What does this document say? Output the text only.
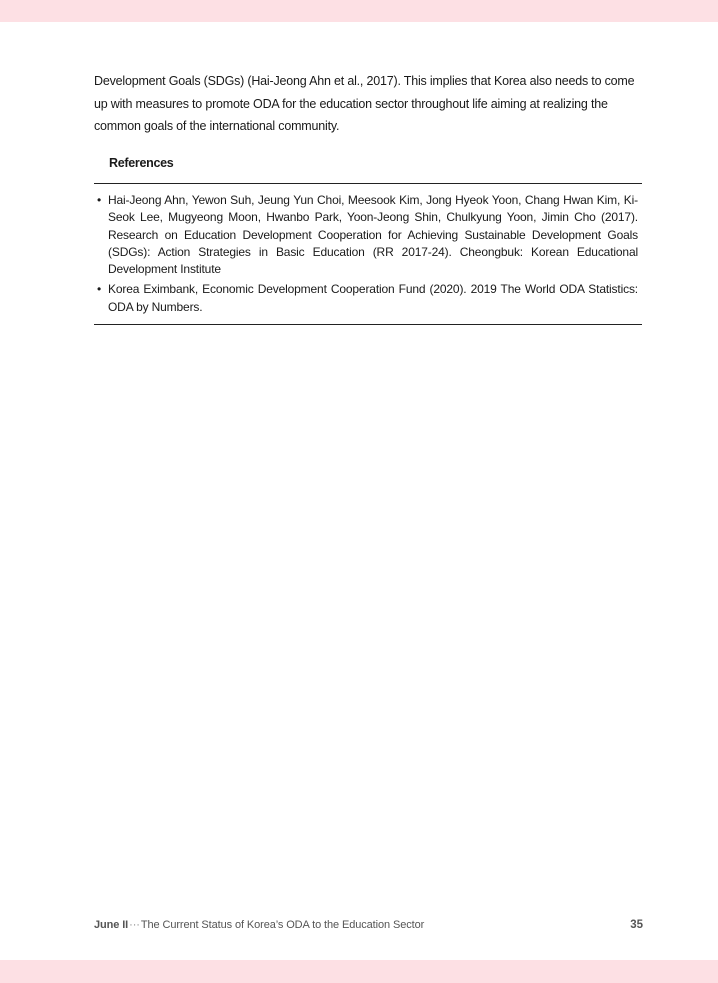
Development Goals (SDGs) (Hai-Jeong Ahn et al., 2017). This implies that Korea also needs to come up with measures to promote ODA for the education sector throughout life aiming at realizing the common goals of the international community.

References
• Hai-Jeong Ahn, Yewon Suh, Jeung Yun Choi, Meesook Kim, Jong Hyeok Yoon, Chang Hwan Kim, Ki-Seok Lee, Mugyeong Moon, Hwanbo Park, Yoon-Jeong Shin, Chulkyung Yoon, Jimin Cho (2017). Research on Education Development Cooperation for Achieving Sustainable Development Goals (SDGs): Action Strategies in Basic Education (RR 2017-24). Cheongbuk: Korean Educational Development Institute
• Korea Eximbank, Economic Development Cooperation Fund (2020). 2019 The World ODA Statistics: ODA by Numbers.
June II···The Current Status of Korea’s ODA to the Education Sector	35
